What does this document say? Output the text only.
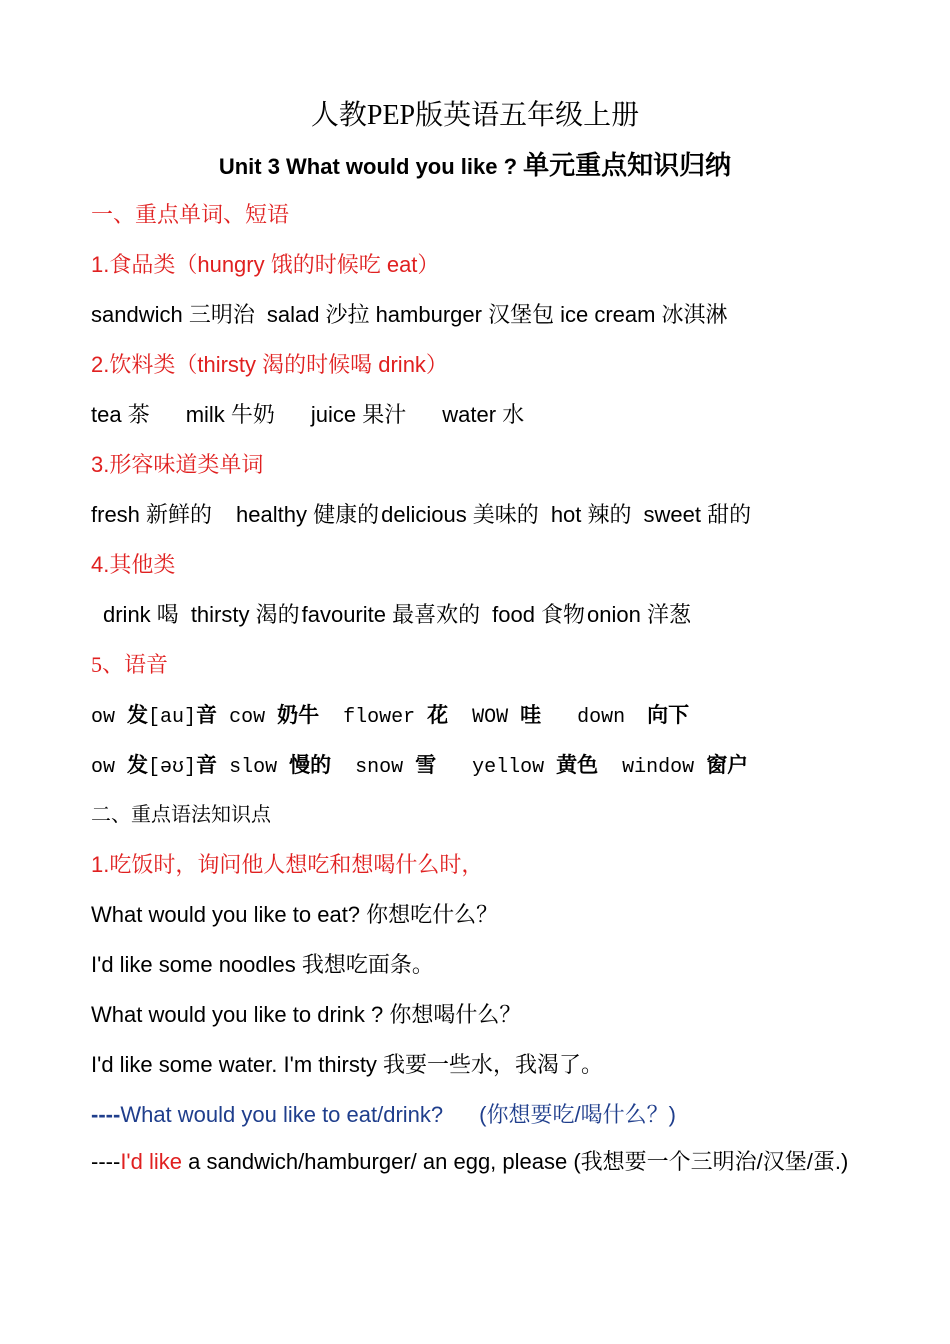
人教PEP版英语五年级上册
Unit 3 What would you like ? 单元重点知识归纳
一、重点单词、短语
1.食品类（hungry 饿的时候吃 eat）
sandwich 三明治 salad 沙拉 hamburger 汉堡包 ice cream 冰淇淋
2.饮料类（thirsty 渴的时候喝 drink）
tea 茶 milk 牛奶 juice 果汁 water 水
3.形容味道类单词
fresh 新鲜的 healthy 健康的delicious 美味的 hot 辣的 sweet 甜的
4.其他类
drink 喝 thirsty 渴的favourite 最喜欢的 food 食物onion 洋葱
5、语音
ow 发[au]音 cow 奶牛 flower 花 WOW 哇 down 向下
ow 发[əʊ]音 slow 慢的 snow 雪 yellow 黄色 window 窗户
二、重点语法知识点
1.吃饭时，询问他人想吃和想喝什么时，
What would you like to eat? 你想吃什么？
I'd like some noodles 我想吃面条。
What would you like to drink ? 你想喝什么？
I'd like some water. I'm thirsty 我要一些水，我渴了。
----What would you like to eat/drink? (你想要吃/喝什么？)
----I'd like a sandwich/hamburger/ an egg, please (我想要一个三明治/汉堡/蛋.)
